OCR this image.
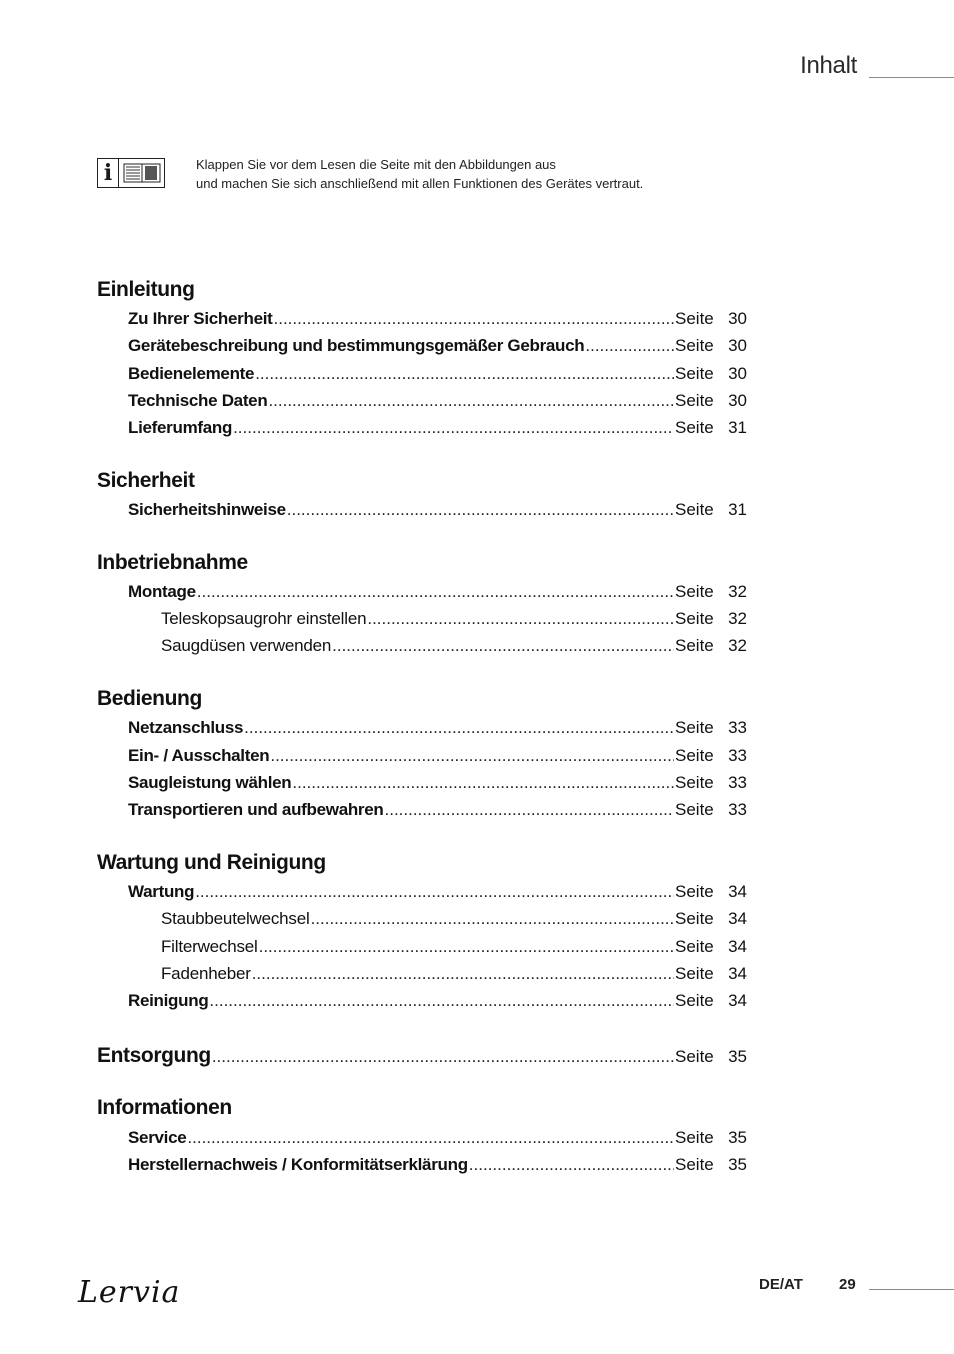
Inhalt
i	Klappen Sie vor dem Lesen die Seite mit den Abbildungen aus
und machen Sie sich anschließend mit allen Funktionen des Gerätes vertraut.
Einleitung
Zu Ihrer Sicherheit .....	Seite 30
Gerätebeschreibung und bestimmungsgemäßer Gebrauch .....	Seite 30
Bedienelemente .....	Seite 30
Technische Daten .....	Seite 30
Lieferumfang .....	Seite 31
Sicherheit
Sicherheitshinweise .....	Seite 31
Inbetriebnahme
Montage .....	Seite 32
Teleskopsaugrohr einstellen .....	Seite 32
Saugdüsen verwenden .....	Seite 32
Bedienung
Netzanschluss .....	Seite 33
Ein- / Ausschalten .....	Seite 33
Saugleistung wählen .....	Seite 33
Transportieren und aufbewahren .....	Seite 33
Wartung und Reinigung
Wartung .....	Seite 34
Staubbeutelwechsel .....	Seite 34
Filterwechsel .....	Seite 34
Fadenheber .....	Seite 34
Reinigung .....	Seite 34
Entsorgung .....	Seite 35
Informationen
Service .....	Seite 35
Herstellernachweis / Konformitätserklärung .....	Seite 35
Lervia	DE/AT 29
